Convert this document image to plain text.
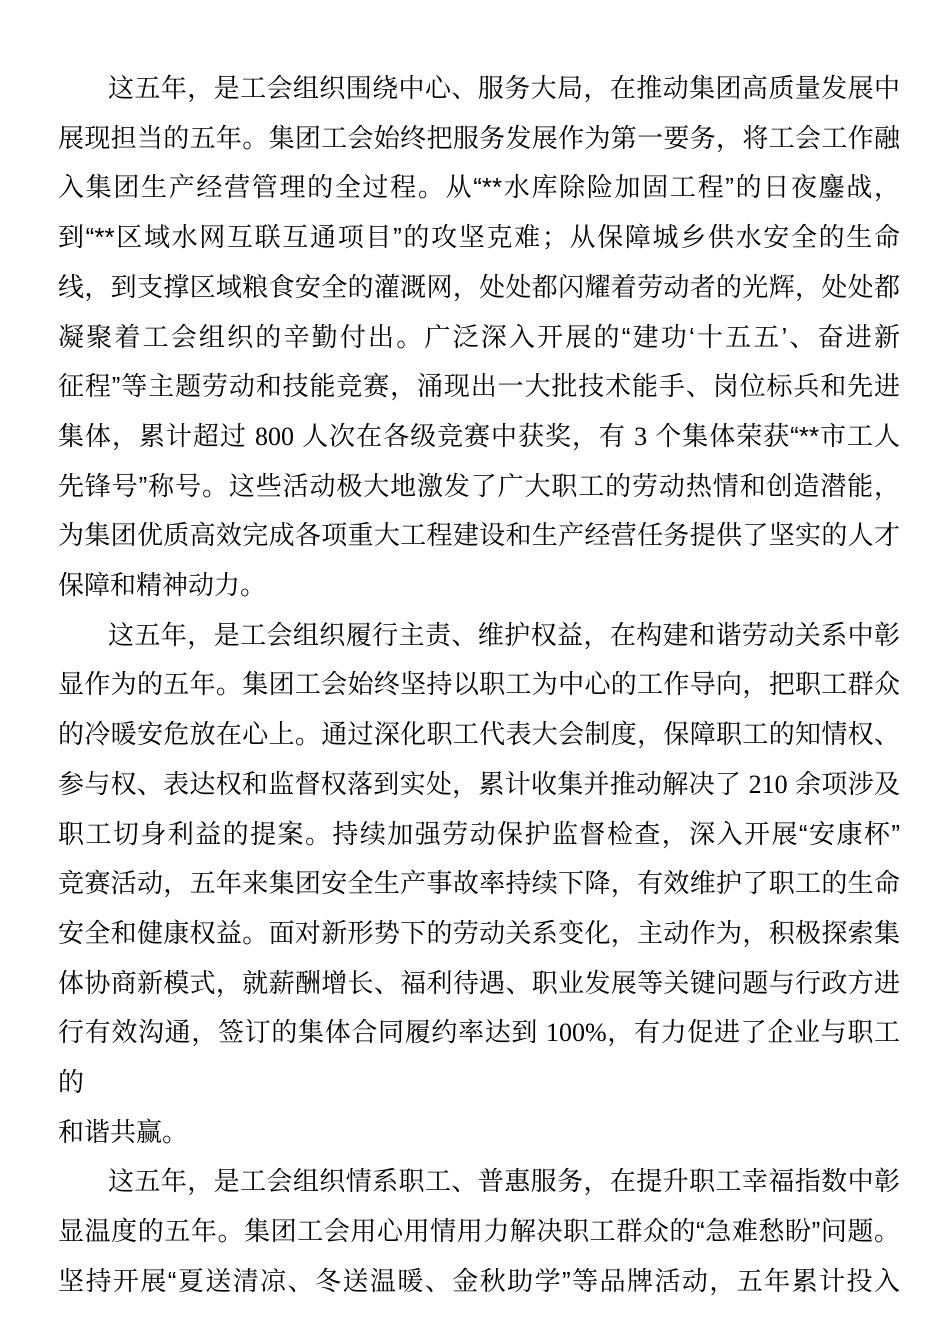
这五年，是工会组织围绕中心、服务大局，在推动集团高质量发展中
展现担当的五年。集团工会始终把服务发展作为第一要务，将工会工作融
入集团生产经营管理的全过程。从“**水库除险加固工程”的日夜鏖战，
到“**区域水网互联互通项目”的攻坚克难；从保障城乡供水安全的生命
线，到支撑区域粮食安全的灌溉网，处处都闪耀着劳动者的光辉，处处都
凝聚着工会组织的辛勤付出。广泛深入开展的“建功‘十五五’、奋进新
征程”等主题劳动和技能竞赛，涌现出一大批技术能手、岗位标兵和先进
集体，累计超过 800 人次在各级竞赛中获奖，有 3 个集体荣获“**市工人
先锋号”称号。这些活动极大地激发了广大职工的劳动热情和创造潜能，
为集团优质高效完成各项重大工程建设和生产经营任务提供了坚实的人才
保障和精神动力。
这五年，是工会组织履行主责、维护权益，在构建和谐劳动关系中彰
显作为的五年。集团工会始终坚持以职工为中心的工作导向，把职工群众
的冷暖安危放在心上。通过深化职工代表大会制度，保障职工的知情权、
参与权、表达权和监督权落到实处，累计收集并推动解决了 210 余项涉及
职工切身利益的提案。持续加强劳动保护监督检查，深入开展“安康杯”
竞赛活动，五年来集团安全生产事故率持续下降，有效维护了职工的生命
安全和健康权益。面对新形势下的劳动关系变化，主动作为，积极探索集
体协商新模式，就薪酬增长、福利待遇、职业发展等关键问题与行政方进
行有效沟通，签订的集体合同履约率达到 100%，有力促进了企业与职工的
和谐共赢。
这五年，是工会组织情系职工、普惠服务，在提升职工幸福指数中彰
显温度的五年。集团工会用心用情用力解决职工群众的“急难愁盼”问题。
坚持开展“夏送清凉、冬送温暖、金秋助学”等品牌活动，五年累计投入
